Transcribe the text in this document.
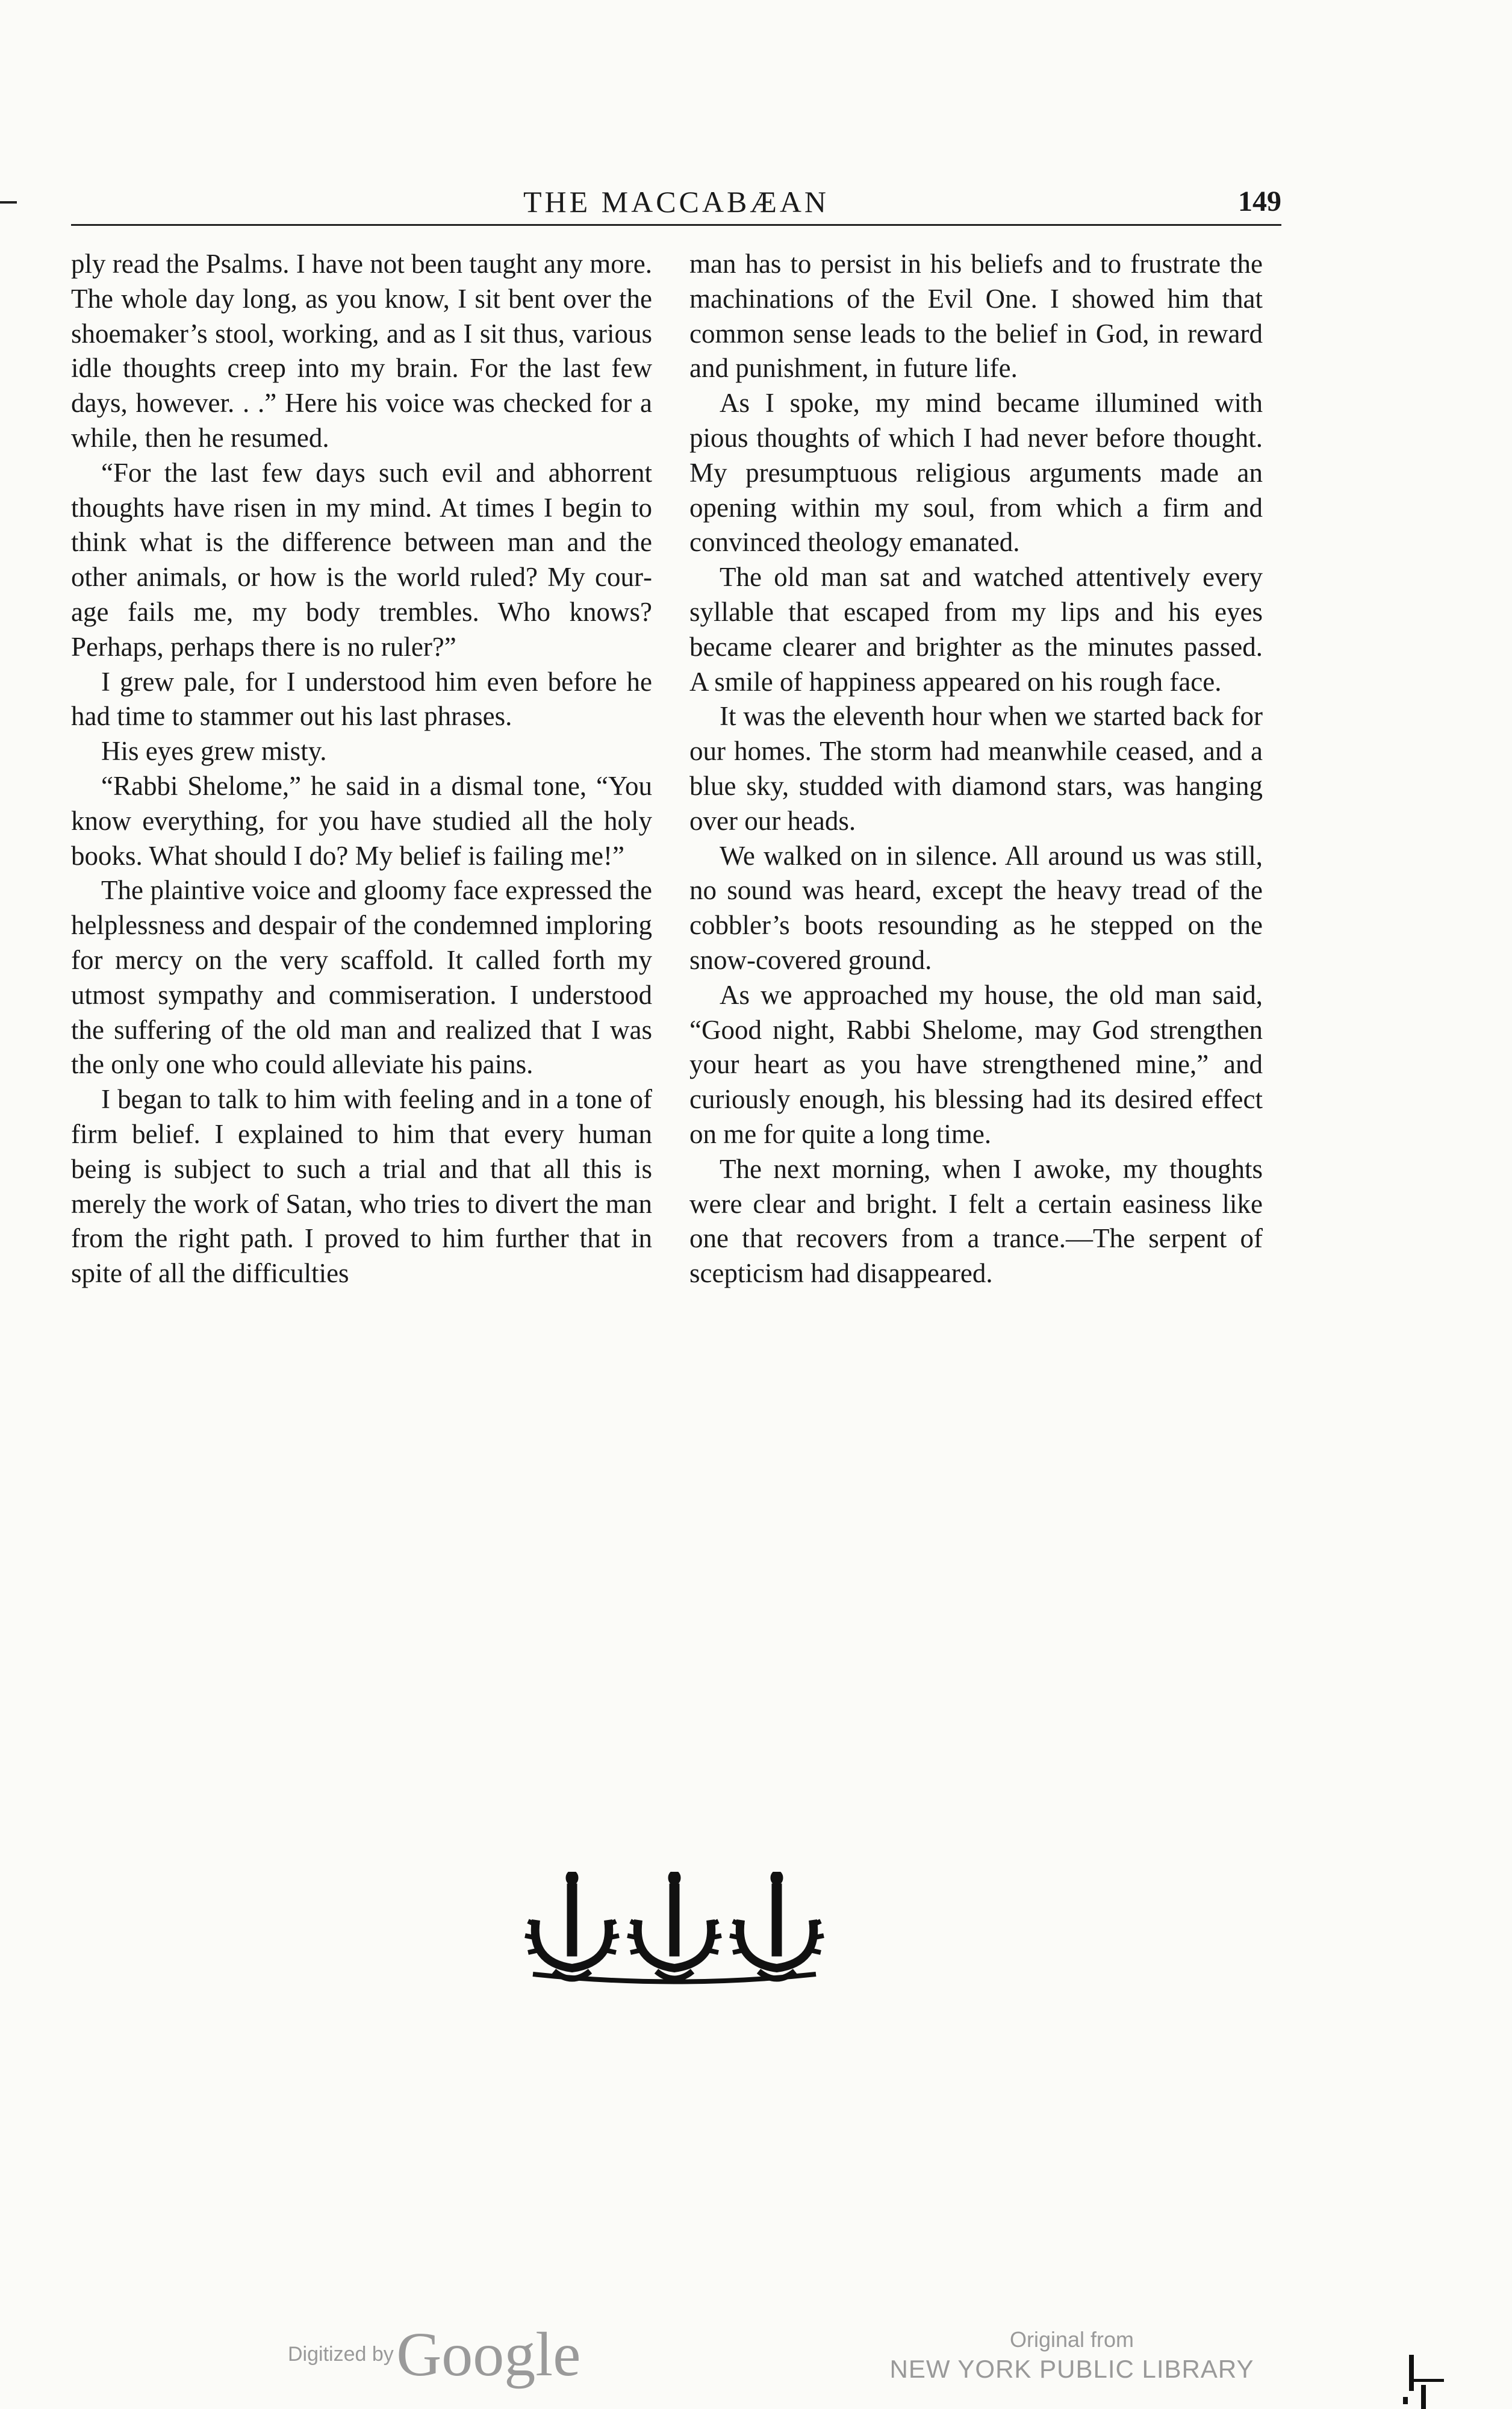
THE MACCABÆAN	149

ply read the Psalms. I have not been taught any more. The whole day long, as you know, I sit bent over the shoemaker’s stool, working, and as I sit thus, various idle thoughts creep into my brain. For the last few days, however. . .” Here his voice was checked for a while, then he resumed.

“For the last few days such evil and abhorrent thoughts have risen in my mind. At times I begin to think what is the difference between man and the other animals, or how is the world ruled? My courage fails me, my body trembles. Who knows? Perhaps, perhaps there is no ruler?”

I grew pale, for I understood him even before he had time to stammer out his last phrases.

His eyes grew misty.

“Rabbi Shelome,” he said in a dismal tone, “You know everything, for you have studied all the holy books. What should I do? My belief is failing me!”

The plaintive voice and gloomy face expressed the helplessness and despair of the condemned imploring for mercy on the very scaffold. It called forth my utmost sympathy and commiseration. I understood the suffering of the old man and realized that I was the only one who could alleviate his pains.

I began to talk to him with feeling and in a tone of firm belief. I explained to him that every human being is subject to such a trial and that all this is merely the work of Satan, who tries to divert the man from the right path. I proved to him further that in spite of all the difficulties

man has to persist in his beliefs and to frustrate the machinations of the Evil One. I showed him that common sense leads to the belief in God, in reward and punishment, in future life.

As I spoke, my mind became illumined with pious thoughts of which I had never before thought. My presumptuous religious arguments made an opening within my soul, from which a firm and convinced theology emanated.

The old man sat and watched attentively every syllable that escaped from my lips and his eyes became clearer and brighter as the minutes passed. A smile of happiness appeared on his rough face.

It was the eleventh hour when we started back for our homes. The storm had meanwhile ceased, and a blue sky, studded with diamond stars, was hanging over our heads.

We walked on in silence. All around us was still, no sound was heard, except the heavy tread of the cobbler’s boots resounding as he stepped on the snow-covered ground.

As we approached my house, the old man said, “Good night, Rabbi Shelome, may God strengthen your heart as you have strengthened mine,” and curiously enough, his blessing had its desired effect on me for quite a long time.

The next morning, when I awoke, my thoughts were clear and bright. I felt a certain easiness like one that recovers from a trance.—The serpent of scepticism had disappeared.

Digitized by Google	Original from
NEW YORK PUBLIC LIBRARY
